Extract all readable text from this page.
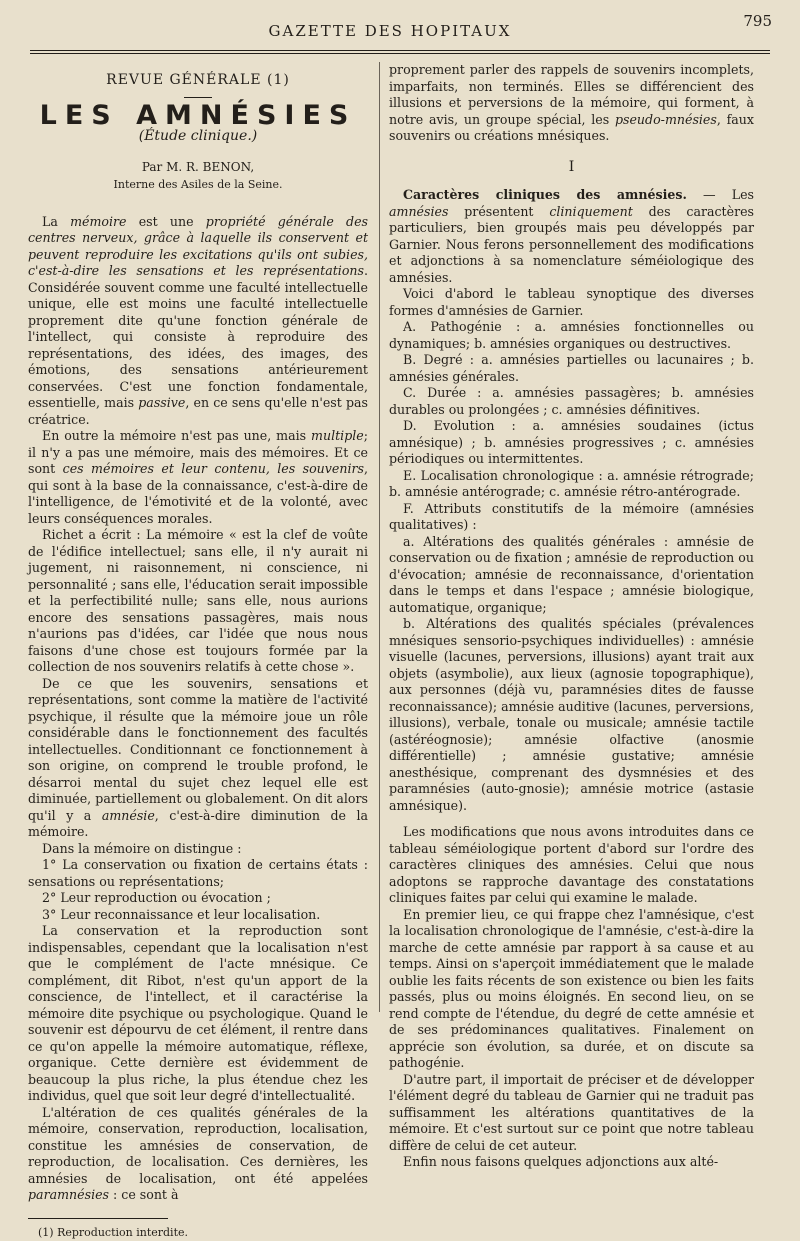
GAZETTE DES HOPITAUX
795

REVUE GÉNÉRALE (1)

LES AMNÉSIES

(Étude clinique.)

Par M. R. BENON,

Interne des Asiles de la Seine.

La mémoire est une propriété générale des centres nerveux, grâce à laquelle ils conservent et peuvent reproduire les excitations qu'ils ont subies, c'est-à-dire les sensations et les représentations. Considérée souvent comme une faculté intellectuelle unique, elle est moins une faculté intellectuelle proprement dite qu'une fonction générale de l'intellect, qui consiste à reproduire des représentations, des idées, des images, des émotions, des sensations antérieurement conservées. C'est une fonction fondamentale, essentielle, mais passive, en ce sens qu'elle n'est pas créatrice.

En outre la mémoire n'est pas une, mais multiple; il n'y a pas une mémoire, mais des mémoires. Et ce sont ces mémoires et leur contenu, les souvenirs, qui sont à la base de la connaissance, c'est-à-dire de l'intelligence, de l'émotivité et de la volonté, avec leurs conséquences morales.

Richet a écrit : La mémoire « est la clef de voûte de l'édifice intellectuel; sans elle, il n'y aurait ni jugement, ni raisonnement, ni conscience, ni personnalité ; sans elle, l'éducation serait impossible et la perfectibilité nulle; sans elle, nous aurions encore des sensations passagères, mais nous n'aurions pas d'idées, car l'idée que nous nous faisons d'une chose est toujours formée par la collection de nos souvenirs relatifs à cette chose ».

De ce que les souvenirs, sensations et représentations, sont comme la matière de l'activité psychique, il résulte que la mémoire joue un rôle considérable dans le fonctionnement des facultés intellectuelles. Conditionnant ce fonctionnement à son origine, on comprend le trouble profond, le désarroi mental du sujet chez lequel elle est diminuée, partiellement ou globalement. On dit alors qu'il y a amnésie, c'est-à-dire diminution de la mémoire.

Dans la mémoire on distingue :

1° La conservation ou fixation de certains états : sensations ou représentations;

2° Leur reproduction ou évocation ;

3° Leur reconnaissance et leur localisation.

La conservation et la reproduction sont indispensables, cependant que la localisation n'est que le complément de l'acte mnésique. Ce complément, dit Ribot, n'est qu'un apport de la conscience, de l'intellect, et il caractérise la mémoire dite psychique ou psychologique. Quand le souvenir est dépourvu de cet élément, il rentre dans ce qu'on appelle la mémoire automatique, réflexe, organique. Cette dernière est évidemment de beaucoup la plus riche, la plus étendue chez les individus, quel que soit leur degré d'intellectualité.

L'altération de ces qualités générales de la mémoire, conservation, reproduction, localisation, constitue les amnésies de conservation, de reproduction, de localisation. Ces dernières, les amnésies de localisation, ont été appelées paramnésies : ce sont à

(1) Reproduction interdite.

proprement parler des rappels de souvenirs incomplets, imparfaits, non terminés. Elles se différencient des illusions et perversions de la mémoire, qui forment, à notre avis, un groupe spécial, les pseudo-mnésies, faux souvenirs ou créations mnésiques.

I

Caractères cliniques des amnésies. — Les amnésies présentent cliniquement des caractères particuliers, bien groupés mais peu développés par Garnier. Nous ferons personnellement des modifications et adjonctions à sa nomenclature séméiologique des amnésies.

Voici d'abord le tableau synoptique des diverses formes d'amnésies de Garnier.

A. Pathogénie : a. amnésies fonctionnelles ou dynamiques; b. amnésies organiques ou destructives.

B. Degré : a. amnésies partielles ou lacunaires ; b. amnésies générales.

C. Durée : a. amnésies passagères; b. amnésies durables ou prolongées ; c. amnésies définitives.

D. Evolution : a. amnésies soudaines (ictus amnésique) ; b. amnésies progressives ; c. amnésies périodiques ou intermittentes.

E. Localisation chronologique : a. amnésie rétrograde; b. amnésie antérograde; c. amnésie rétro-antérograde.

F. Attributs constitutifs de la mémoire (amnésies qualitatives) :

a. Altérations des qualités générales : amnésie de conservation ou de fixation ; amnésie de reproduction ou d'évocation; amnésie de reconnaissance, d'orientation dans le temps et dans l'espace ; amnésie biologique, automatique, organique;

b. Altérations des qualités spéciales (prévalences mnésiques sensorio-psychiques individuelles) : amnésie visuelle (lacunes, perversions, illusions) ayant trait aux objets (asymbolie), aux lieux (agnosie topographique), aux personnes (déjà vu, paramnésies dites de fausse reconnaissance); amnésie auditive (lacunes, perversions, illusions), verbale, tonale ou musicale; amnésie tactile (astéréognosie); amnésie olfactive (anosmie différentielle) ; amnésie gustative; amnésie anesthésique, comprenant des dysmnésies et des paramnésies (auto-gnosie); amnésie motrice (astasie amnésique).

Les modifications que nous avons introduites dans ce tableau séméiologique portent d'abord sur l'ordre des caractères cliniques des amnésies. Celui que nous adoptons se rapproche davantage des constatations cliniques faites par celui qui examine le malade.

En premier lieu, ce qui frappe chez l'amnésique, c'est la localisation chronologique de l'amnésie, c'est-à-dire la marche de cette amnésie par rapport à sa cause et au temps. Ainsi on s'aperçoit immédiatement que le malade oublie les faits récents de son existence ou bien les faits passés, plus ou moins éloignés. En second lieu, on se rend compte de l'étendue, du degré de cette amnésie et de ses prédominances qualitatives. Finalement on apprécie son évolution, sa durée, et on discute sa pathogénie.

D'autre part, il importait de préciser et de développer l'élément degré du tableau de Garnier qui ne traduit pas suffisamment les altérations quantitatives de la mémoire. Et c'est surtout sur ce point que notre tableau diffère de celui de cet auteur.

Enfin nous faisons quelques adjonctions aux alté-
